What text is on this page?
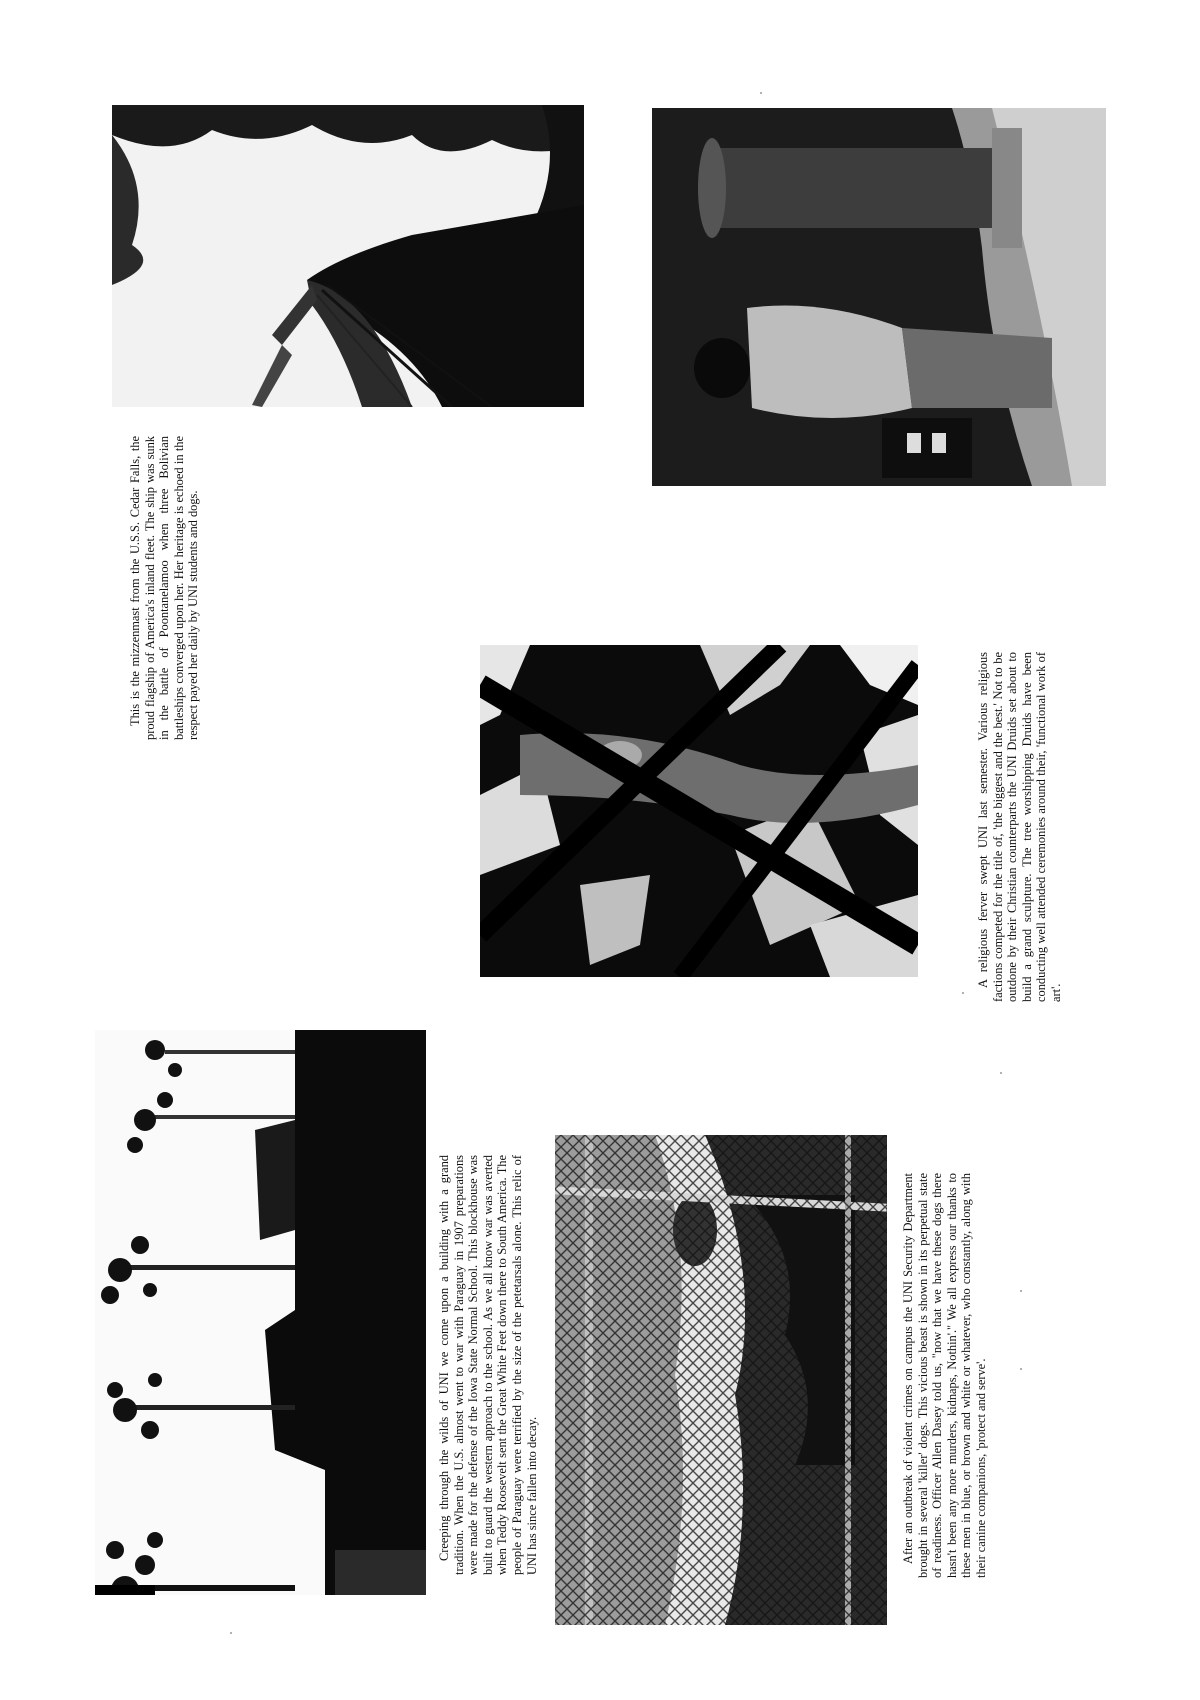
This is the mizzenmast from the U.S.S. Cedar Falls, the proud flagship of America's inland fleet. The ship was sunk in the battle of Poontanelamoo when three Bolivian battleships converged upon her. Her heritage is echoed in the respect payed her daily by UNI students and dogs.

A religious ferver swept UNI last semester. Various religious factions competed for the title of, 'the biggest and the best.' Not to be outdone by their Christian counterparts the UNI Druids set about to build a grand sculpture. The tree worshipping Druids have been conducting well attended ceremonies around their, 'functional work of art'.

Creeping through the wilds of UNI we come upon a building with a grand tradition. When the U.S. almost went to war with Paraguay in 1907 preparations were made for the defense of the Iowa State Normal School. This blockhouse was built to guard the western approach to the school. As we all know war was averted when Teddy Roosevelt sent the Great White Feet down there to South America. The people of Paraguay were terrified by the size of the petetarsals alone. This relic of UNI has since fallen into decay.	After an outbreak of violent crimes on campus the UNI Security Department brought in several 'killer' dogs. This vicious beast is shown in its perpetual state of readiness. Officer Allen Dasey told us, "now that we have these dogs there hasn't been any more murders, kidnaps, Nothin'." We all express our thanks to these men in blue, or brown and white or whatever, who constantly, along with their canine companions, 'protect and serve'.
